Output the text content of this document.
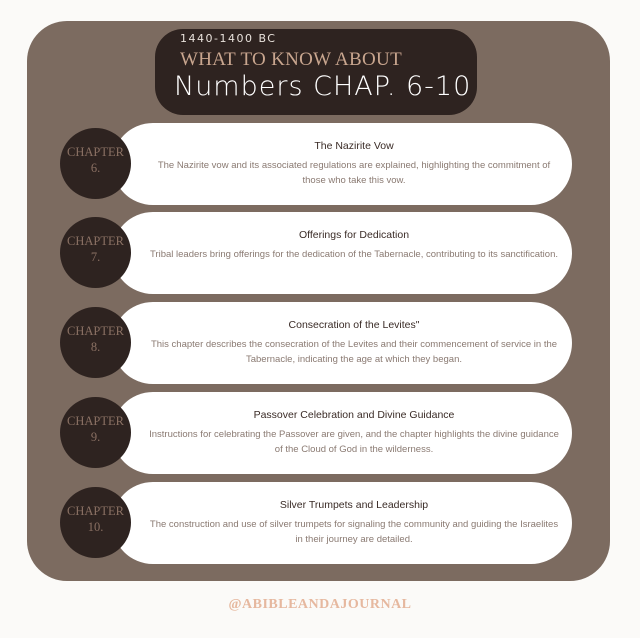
1440-1400 BC
WHAT TO KNOW ABOUT
Numbers CHAP. 6-10
The Nazirite Vow
The Nazirite vow and its associated regulations are explained, highlighting the commitment of those who take this vow.
CHAPTER
6.
Offerings for Dedication
Tribal leaders bring offerings for the dedication of the Tabernacle, contributing to its sanctification.
CHAPTER
7.
Consecration of the Levites"
This chapter describes the consecration of the Levites and their commencement of service in the Tabernacle, indicating the age at which they began.
CHAPTER
8.
Passover Celebration and Divine Guidance
Instructions for celebrating the Passover are given, and the chapter highlights the divine guidance of the Cloud of God in the wilderness.
CHAPTER
9.
Silver Trumpets and Leadership
The construction and use of silver trumpets for signaling the community and guiding the Israelites in their journey are detailed.
CHAPTER
10.
@ABIBLEANDAJOURNAL
